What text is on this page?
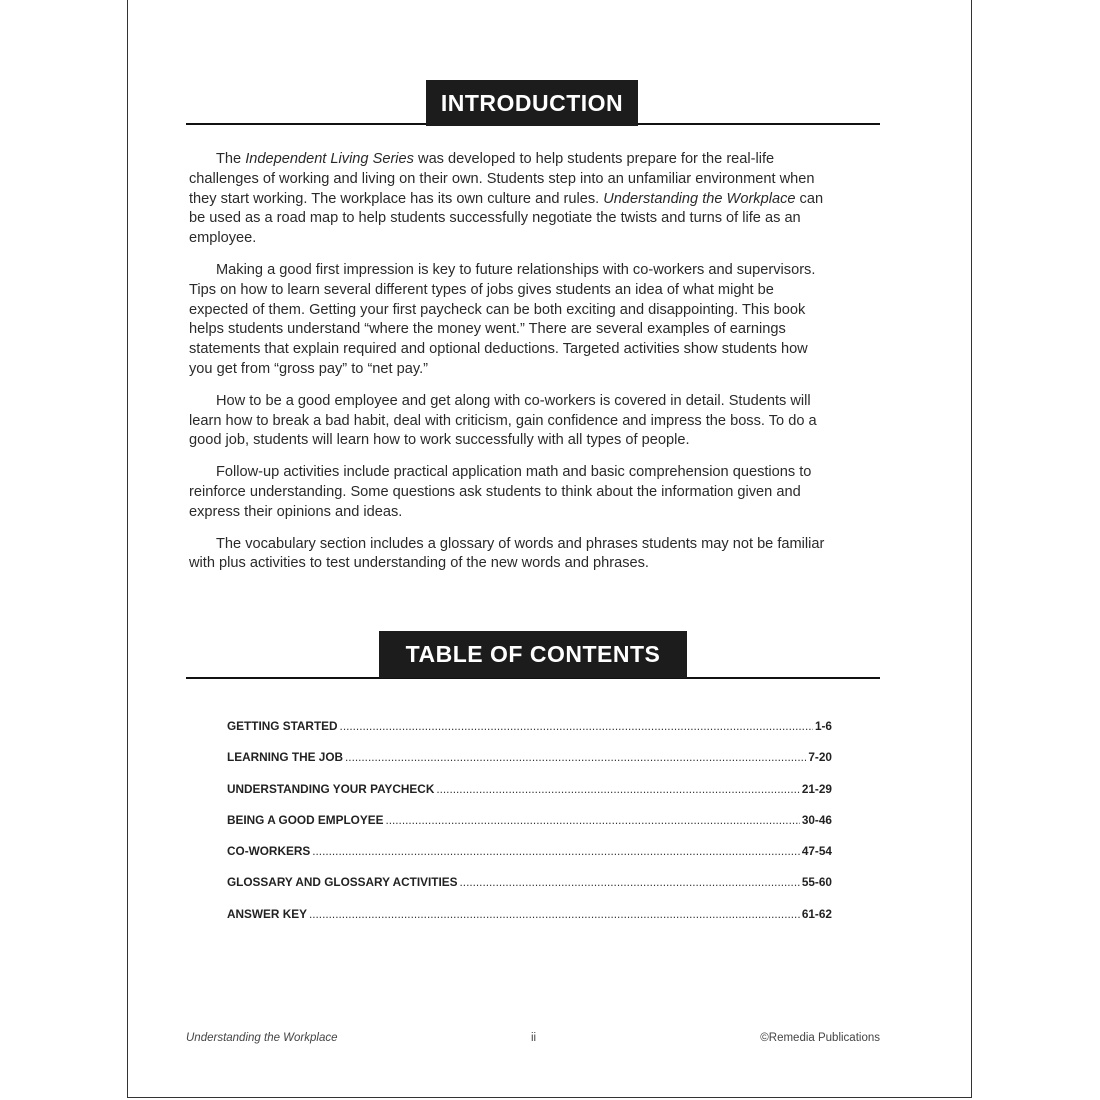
INTRODUCTION

The Independent Living Series was developed to help students prepare for the real-life challenges of working and living on their own. Students step into an unfamiliar environment when they start working. The workplace has its own culture and rules. Understanding the Workplace can be used as a road map to help students successfully negotiate the twists and turns of life as an employee.

Making a good first impression is key to future relationships with co-workers and supervisors. Tips on how to learn several different types of jobs gives students an idea of what might be expected of them. Getting your first paycheck can be both exciting and disappointing. This book helps students understand “where the money went.” There are several examples of earnings statements that explain required and optional deductions. Targeted activities show students how you get from “gross pay” to “net pay.”

How to be a good employee and get along with co-workers is covered in detail. Students will learn how to break a bad habit, deal with criticism, gain confidence and impress the boss. To do a good job, students will learn how to work successfully with all types of people.

Follow-up activities include practical application math and basic comprehension questions to reinforce understanding. Some questions ask students to think about the information given and express their opinions and ideas.

The vocabulary section includes a glossary of words and phrases students may not be familiar with plus activities to test understanding of the new words and phrases.

TABLE OF CONTENTS
GETTING STARTED .....	1-6
LEARNING THE JOB .....	7-20
UNDERSTANDING YOUR PAYCHECK .....	21-29
BEING A GOOD EMPLOYEE .....	30-46
CO-WORKERS .....	47-54
GLOSSARY AND GLOSSARY ACTIVITIES .....	55-60
ANSWER KEY .....	61-62
Understanding the Workplace	ii	©Remedia Publications
